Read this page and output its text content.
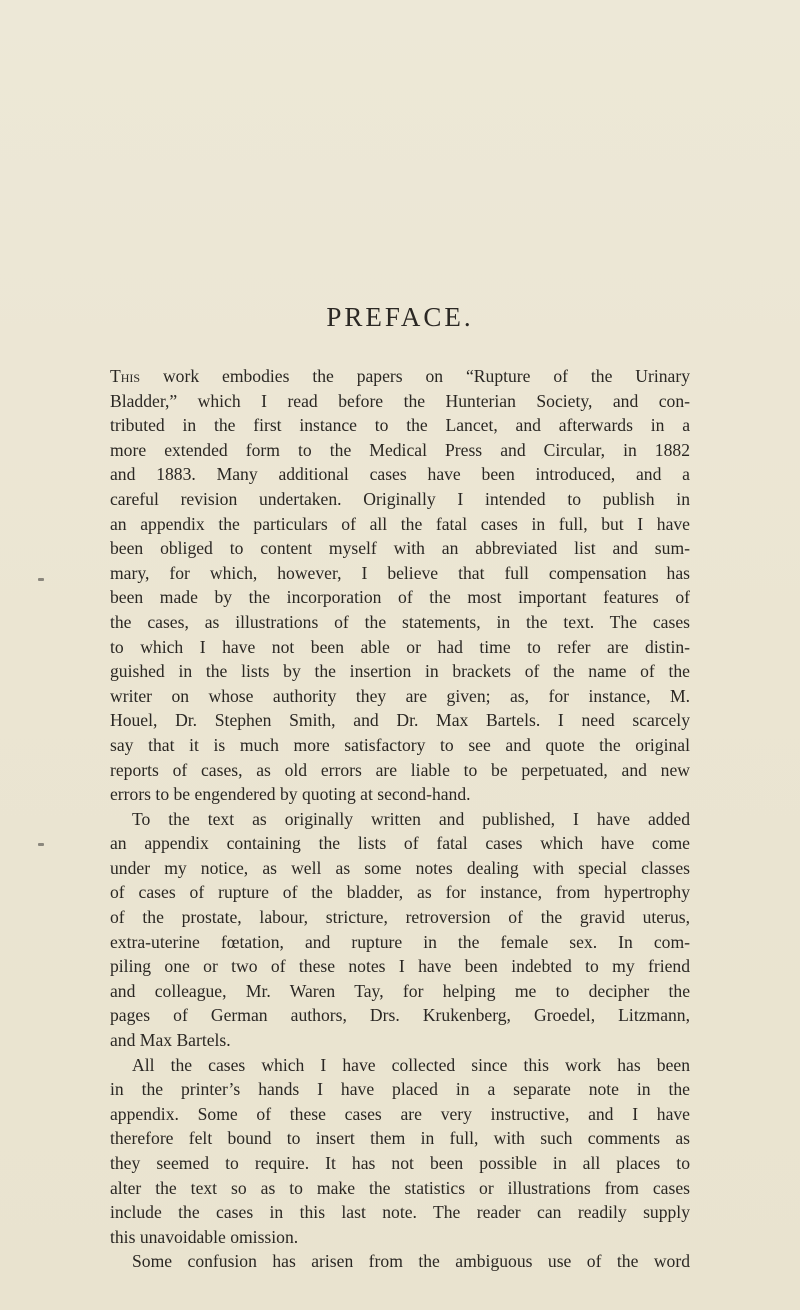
PREFACE.
This work embodies the papers on “Rupture of the Urinary
Bladder,” which I read before the Hunterian Society, and con-
tributed in the first instance to the Lancet, and afterwards in a
more extended form to the Medical Press and Circular, in 1882
and 1883. Many additional cases have been introduced, and a
careful revision undertaken. Originally I intended to publish in
an appendix the particulars of all the fatal cases in full, but I have
been obliged to content myself with an abbreviated list and sum-
mary, for which, however, I believe that full compensation has
been made by the incorporation of the most important features of
the cases, as illustrations of the statements, in the text. The cases
to which I have not been able or had time to refer are distin-
guished in the lists by the insertion in brackets of the name of the
writer on whose authority they are given; as, for instance, M.
Houel, Dr. Stephen Smith, and Dr. Max Bartels. I need scarcely
say that it is much more satisfactory to see and quote the original
reports of cases, as old errors are liable to be perpetuated, and new
errors to be engendered by quoting at second-hand.
To the text as originally written and published, I have added
an appendix containing the lists of fatal cases which have come
under my notice, as well as some notes dealing with special classes
of cases of rupture of the bladder, as for instance, from hypertrophy
of the prostate, labour, stricture, retroversion of the gravid uterus,
extra-uterine fœtation, and rupture in the female sex. In com-
piling one or two of these notes I have been indebted to my friend
and colleague, Mr. Waren Tay, for helping me to decipher the
pages of German authors, Drs. Krukenberg, Groedel, Litzmann,
and Max Bartels.
All the cases which I have collected since this work has been
in the printer’s hands I have placed in a separate note in the
appendix. Some of these cases are very instructive, and I have
therefore felt bound to insert them in full, with such comments as
they seemed to require. It has not been possible in all places to
alter the text so as to make the statistics or illustrations from cases
include the cases in this last note. The reader can readily supply
this unavoidable omission.
Some confusion has arisen from the ambiguous use of the word
